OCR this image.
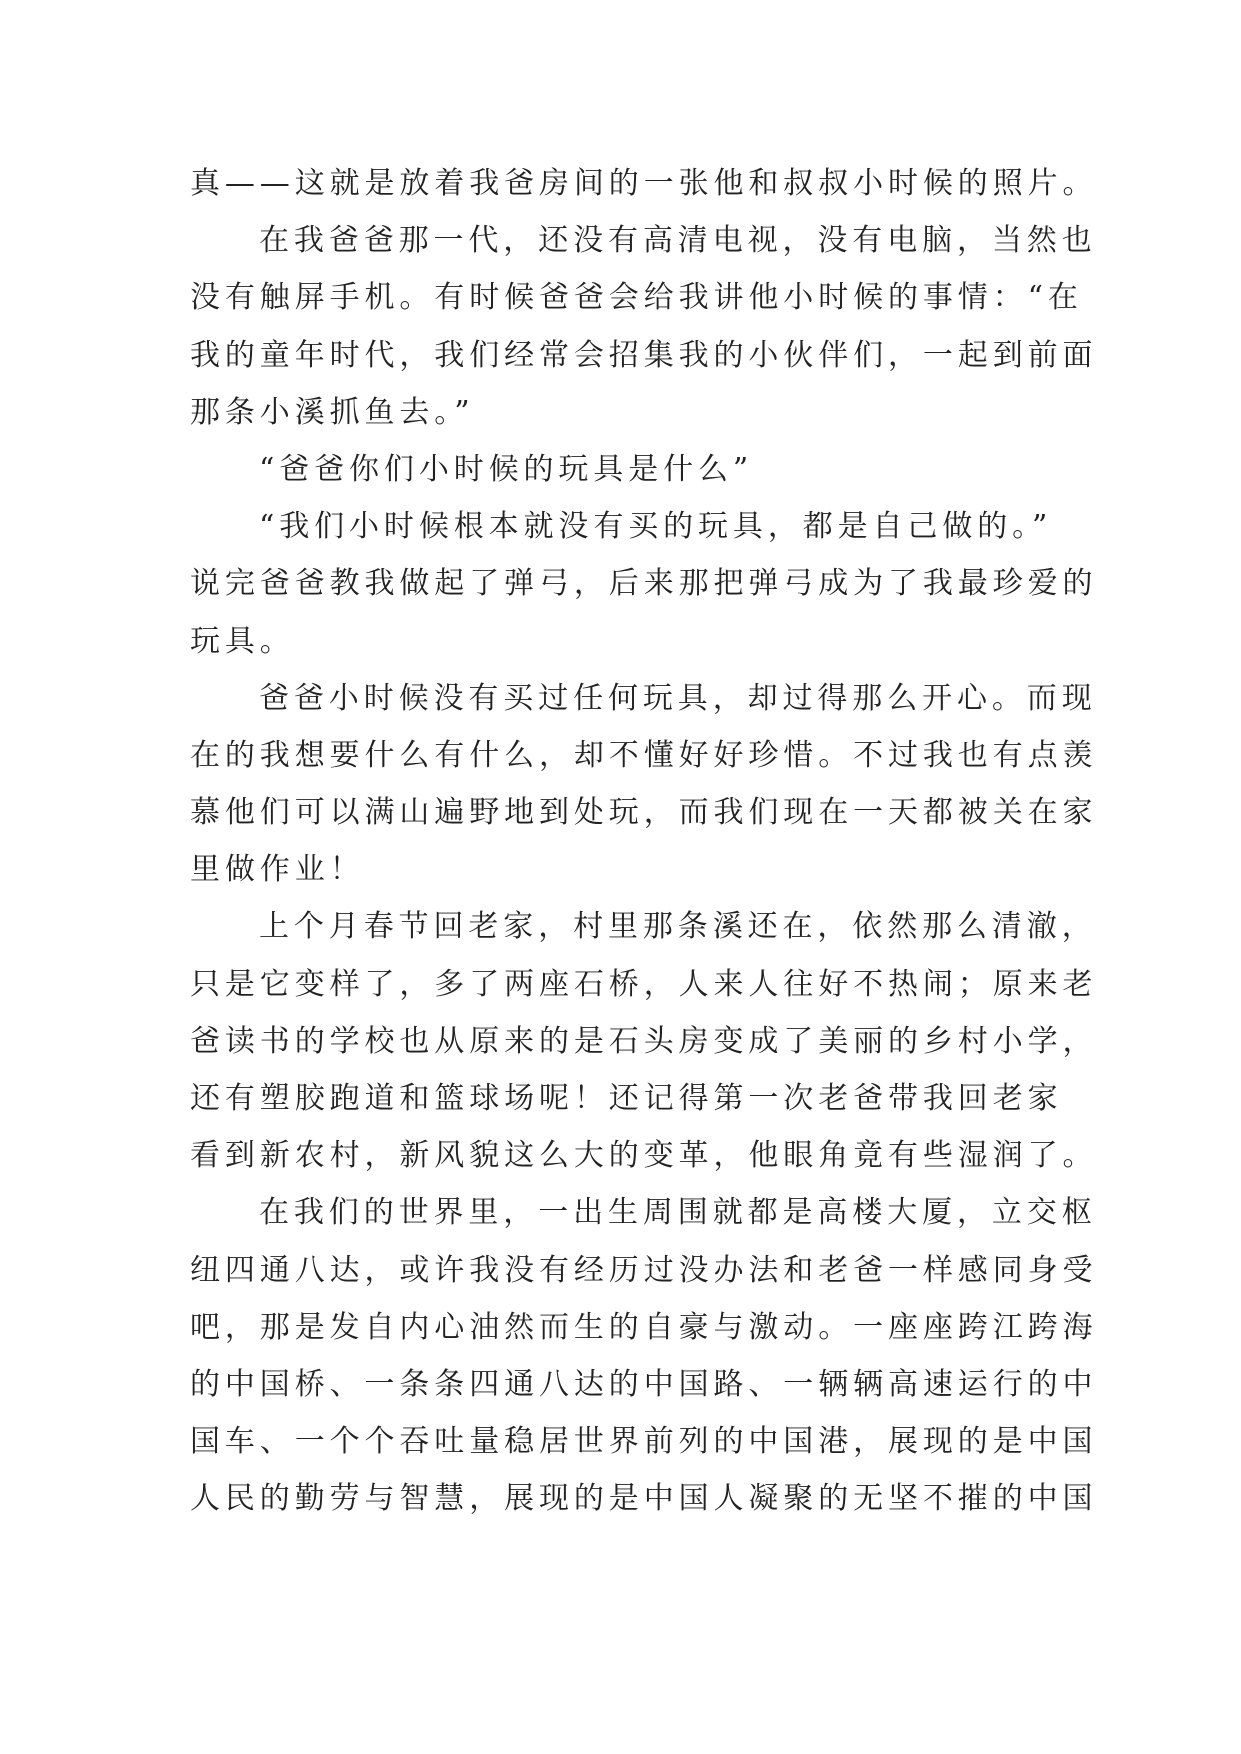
真——这就是放着我爸房间的一张他和叔叔小时候的照片。
在我爸爸那一代，还没有高清电视，没有电脑，当然也
没有触屏手机。有时候爸爸会给我讲他小时候的事情：“在
我的童年时代，我们经常会招集我的小伙伴们，一起到前面
那条小溪抓鱼去。”
“爸爸你们小时候的玩具是什么”
“我们小时候根本就没有买的玩具，都是自己做的。”
说完爸爸教我做起了弹弓，后来那把弹弓成为了我最珍爱的
玩具。
爸爸小时候没有买过任何玩具，却过得那么开心。而现
在的我想要什么有什么，却不懂好好珍惜。不过我也有点羡
慕他们可以满山遍野地到处玩，而我们现在一天都被关在家
里做作业！
上个月春节回老家，村里那条溪还在，依然那么清澈，
只是它变样了，多了两座石桥，人来人往好不热闹；原来老
爸读书的学校也从原来的是石头房变成了美丽的乡村小学，
还有塑胶跑道和篮球场呢！还记得第一次老爸带我回老家
看到新农村，新风貌这么大的变革，他眼角竟有些湿润了。
在我们的世界里，一出生周围就都是高楼大厦，立交枢
纽四通八达，或许我没有经历过没办法和老爸一样感同身受
吧，那是发自内心油然而生的自豪与激动。一座座跨江跨海
的中国桥、一条条四通八达的中国路、一辆辆高速运行的中
国车、一个个吞吐量稳居世界前列的中国港，展现的是中国
人民的勤劳与智慧，展现的是中国人凝聚的无坚不摧的中国
